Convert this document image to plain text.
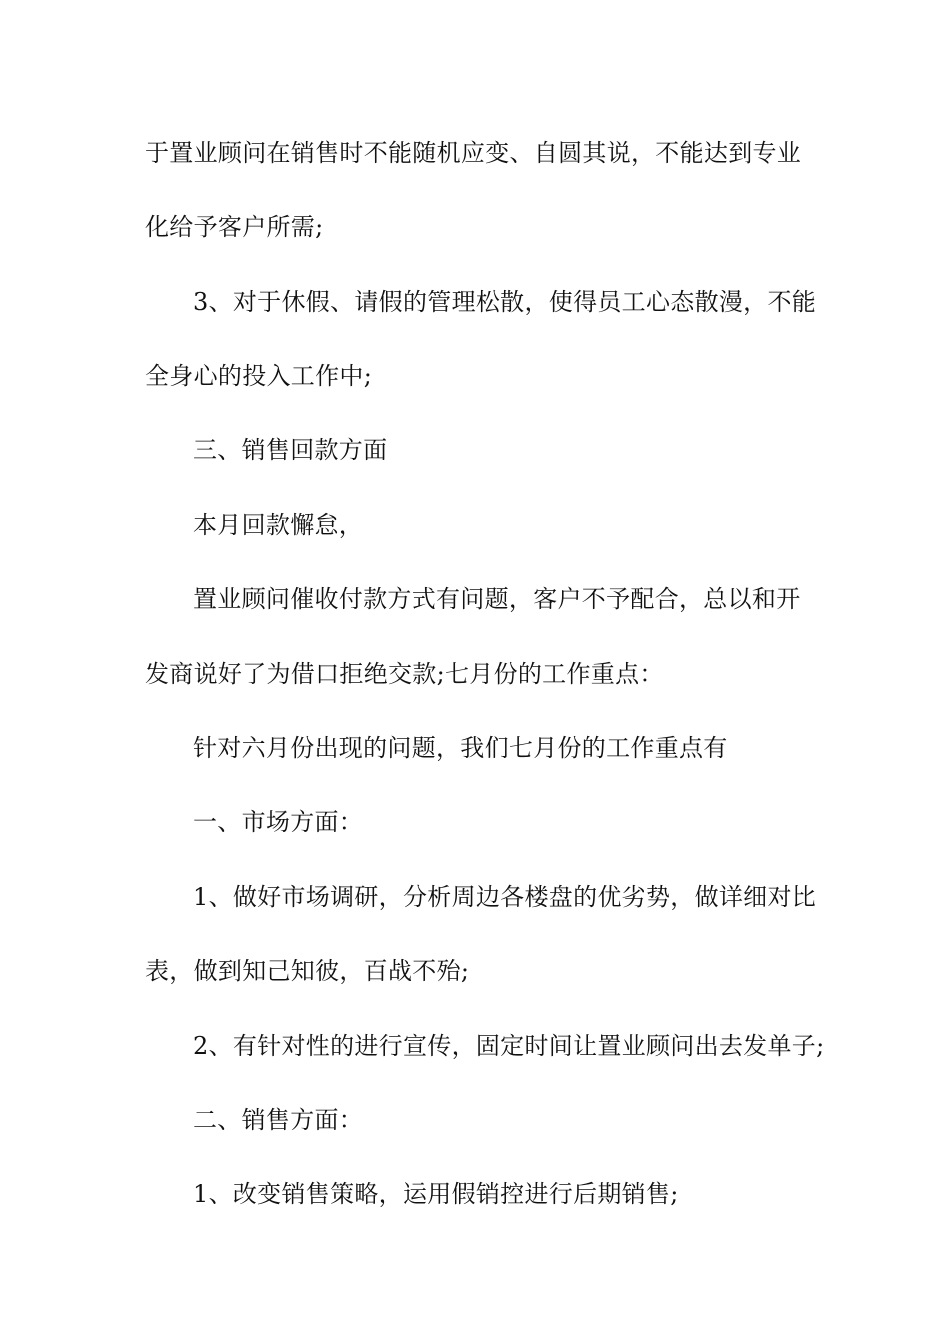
于置业顾问在销售时不能随机应变、自圆其说，不能达到专业
化给予客户所需;
3、对于休假、请假的管理松散，使得员工心态散漫，不能
全身心的投入工作中;
三、销售回款方面
本月回款懈怠，
置业顾问催收付款方式有问题，客户不予配合，总以和开
发商说好了为借口拒绝交款;七月份的工作重点：
针对六月份出现的问题，我们七月份的工作重点有
一、市场方面：
1、做好市场调研，分析周边各楼盘的优劣势，做详细对比
表，做到知己知彼，百战不殆;
2、有针对性的进行宣传，固定时间让置业顾问出去发单子;
二、销售方面：
1、改变销售策略，运用假销控进行后期销售;
